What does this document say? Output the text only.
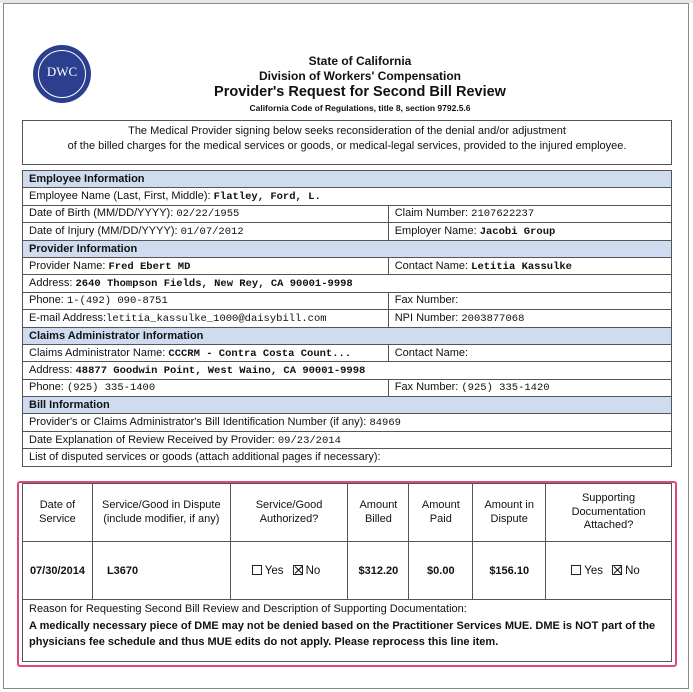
DWC
State of California
Division of Workers' Compensation
Provider's Request for Second Bill Review
California Code of Regulations, title 8, section 9792.5.6
The Medical Provider signing below seeks reconsideration of the denial and/or adjustment
of the billed charges for the medical services or goods, or medical-legal services, provided to the injured employee.
Employee Information	
Employee Name (Last, First, Middle): Flatley, Ford, L.	
Date of Birth (MM/DD/YYYY): 02/22/1955	Claim Number: 2107622237
Date of Injury (MM/DD/YYYY): 01/07/2012	Employer Name: Jacobi Group
Provider Information	
Provider Name: Fred Ebert MD	Contact Name: Letitia Kassulke
Address: 2640 Thompson Fields, New Rey, CA 90001-9998	
Phone: 1-(492) 090-8751	Fax Number:
E-mail Address:letitia_kassulke_1000@daisybill.com	NPI Number: 2003877068
Claims Administrator Information	
Claims Administrator Name: CCCRM - Contra Costa Count...	Contact Name:
Address: 48877 Goodwin Point, West Waino, CA 90001-9998	
Phone: (925) 335-1400	Fax Number: (925) 335-1420
Bill Information	
Provider's or Claims Administrator's Bill Identification Number (if any): 84969	
Date Explanation of Review Received by Provider: 09/23/2014	
List of disputed services or goods (attach additional pages if necessary):	
Date of Service	Service/Good in Dispute (include modifier, if any)	Service/Good Authorized?	Amount Billed	Amount Paid	Amount in Dispute	Supporting Documentation Attached?
07/30/2014	L3670	Yes No	$312.20	$0.00	$156.10	Yes No
Reason for Requesting Second Bill Review and Description of Supporting Documentation:
A medically necessary piece of DME may not be denied based on the Practitioner Services MUE. DME is NOT part of the physicians fee schedule and thus MUE edits do not apply. Please reprocess this line item.
